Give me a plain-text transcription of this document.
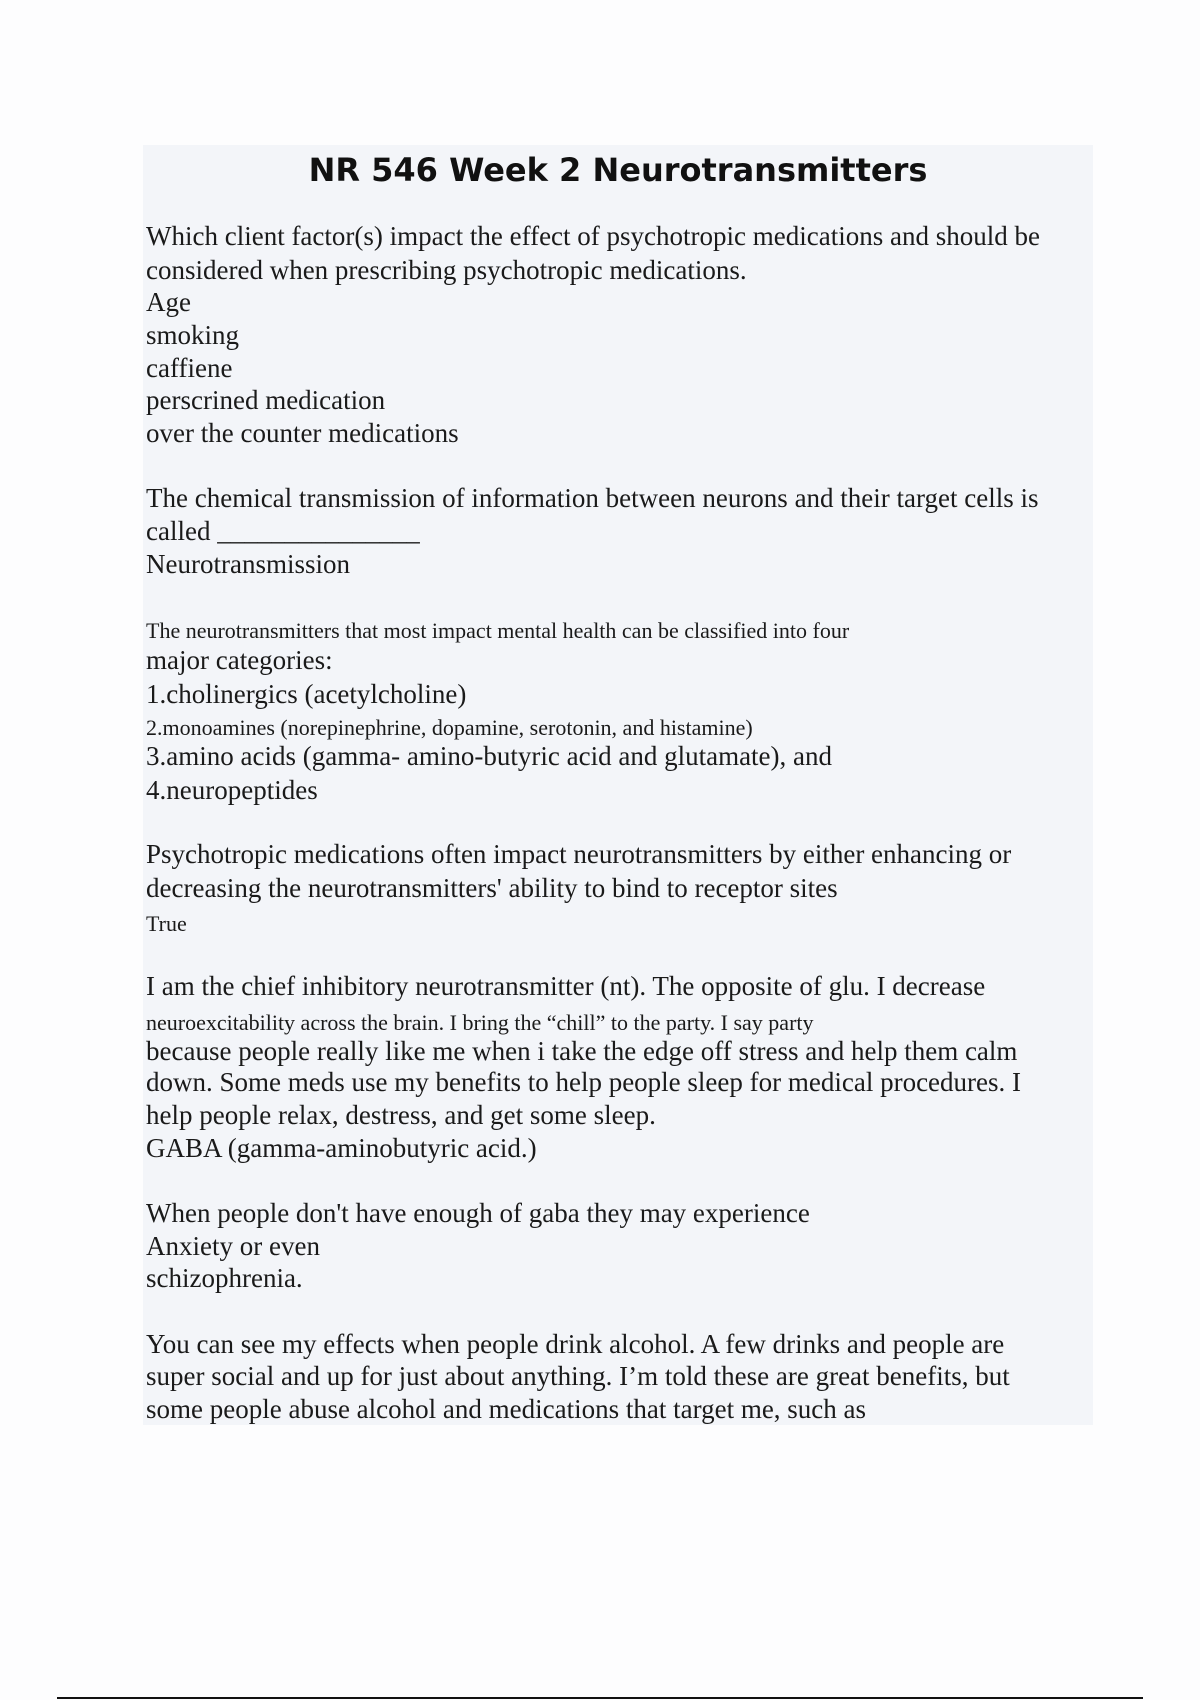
NR 546 Week 2 Neurotransmitters

Which client factor(s) impact the effect of psychotropic medications and should be

considered when prescribing psychotropic medications.

Age

smoking

caffiene

perscrined medication

over the counter medications

The chemical transmission of information between neurons and their target cells is

called _______________

Neurotransmission

The neurotransmitters that most impact mental health can be classified into four

major categories:

1.cholinergics (acetylcholine)

2.monoamines (norepinephrine, dopamine, serotonin, and histamine)

3.amino acids (gamma- amino-butyric acid and glutamate), and

4.neuropeptides

Psychotropic medications often impact neurotransmitters by either enhancing or

decreasing the neurotransmitters' ability to bind to receptor sites

True

I am the chief inhibitory neurotransmitter (nt). The opposite of glu. I decrease

neuroexcitability across the brain. I bring the “chill” to the party. I say party

because people really like me when i take the edge off stress and help them calm

down. Some meds use my benefits to help people sleep for medical procedures. I

help people relax, destress, and get some sleep.

GABA (gamma-aminobutyric acid.)

When people don't have enough of gaba they may experience

Anxiety or even

schizophrenia.

You can see my effects when people drink alcohol. A few drinks and people are

super social and up for just about anything. I’m told these are great benefits, but

some people abuse alcohol and medications that target me, such as
